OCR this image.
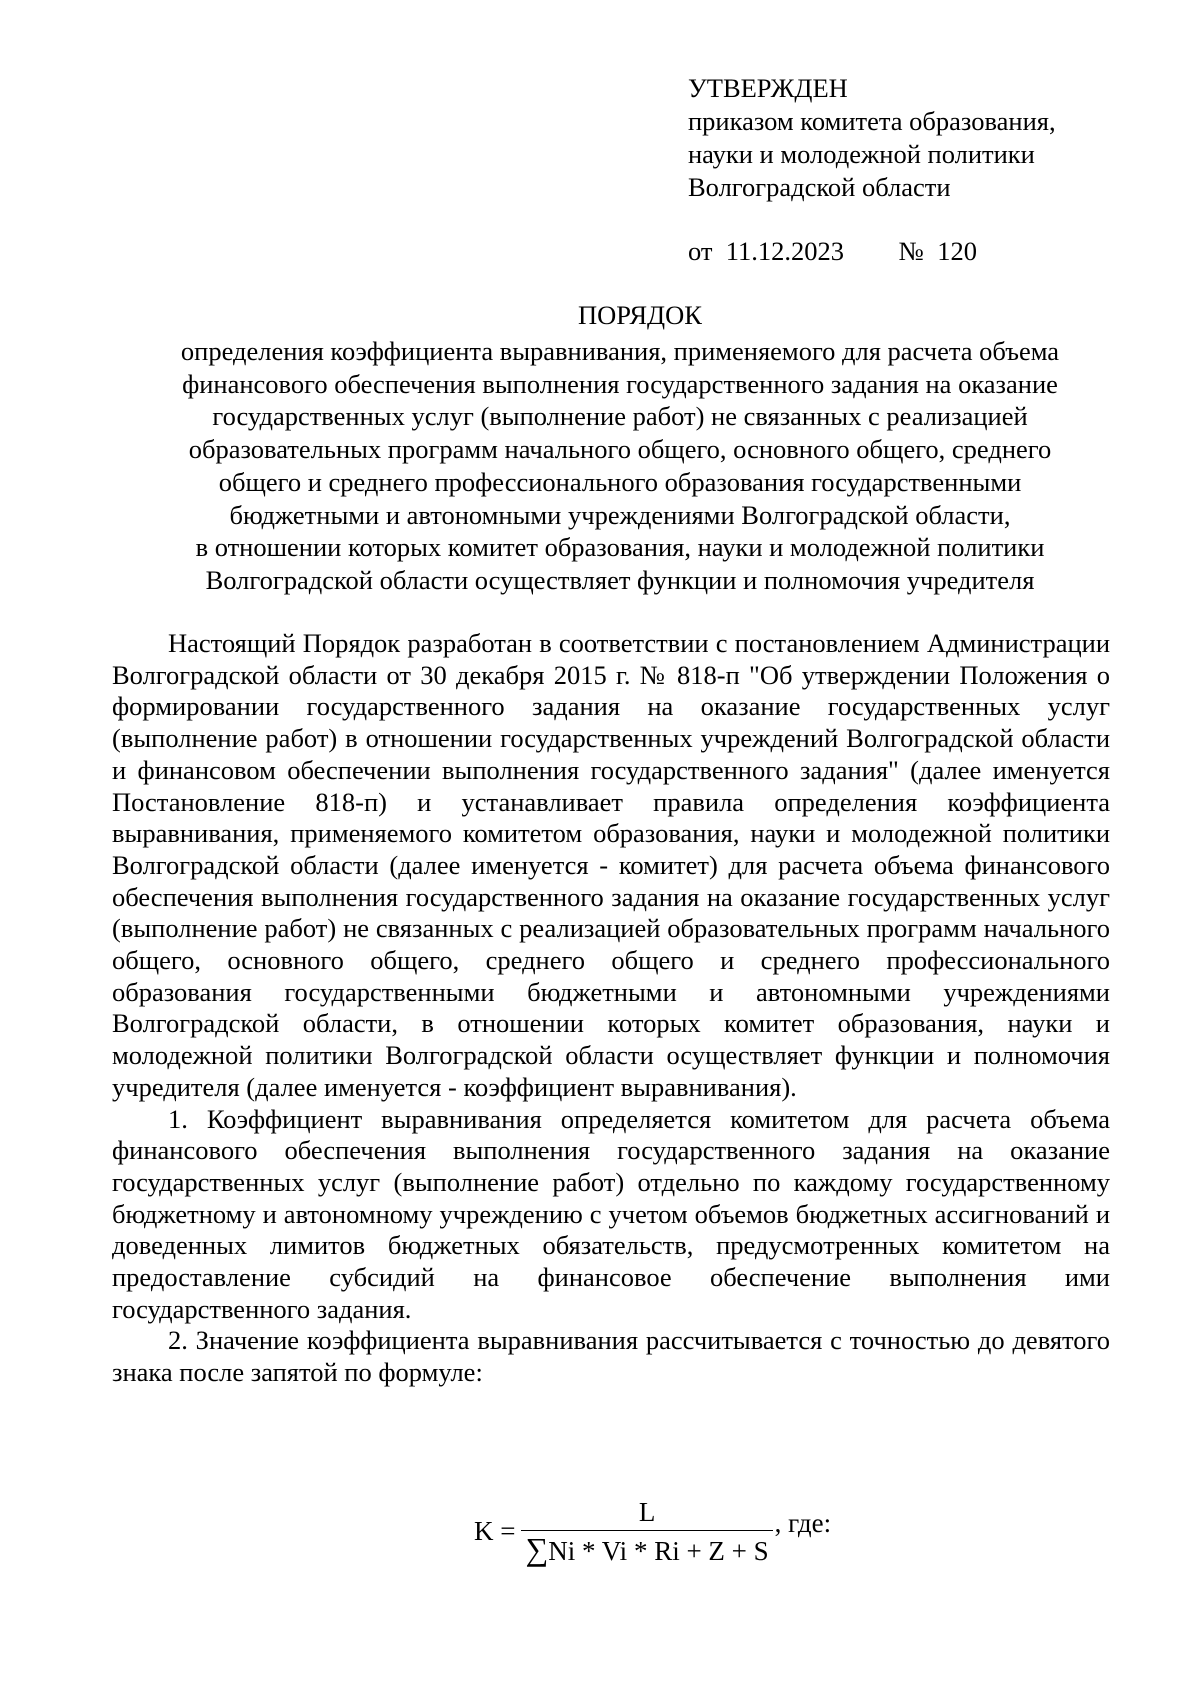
УТВЕРЖДЕН
приказом комитета образования,
науки и молодежной политики
Волгоградской области
от 11.12.2023 № 120
ПОРЯДОК
определения коэффициента выравнивания, применяемого для расчета объема
финансового обеспечения выполнения государственного задания на оказание
государственных услуг (выполнение работ) не связанных с реализацией
образовательных программ начального общего, основного общего, среднего
общего и среднего профессионального образования государственными
бюджетными и автономными учреждениями Волгоградской области,
в отношении которых комитет образования, науки и молодежной политики
Волгоградской области осуществляет функции и полномочия учредителя

Настоящий Порядок разработан в соответствии с постановлением Администрации Волгоградской области от 30 декабря 2015 г. № 818-п "Об утверждении Положения о формировании государственного задания на оказание государственных услуг (выполнение работ) в отношении государственных учреждений Волгоградской области и финансовом обеспечении выполнения государственного задания" (далее именуется Постановление 818-п) и устанавливает правила определения коэффициента выравнивания, применяемого комитетом образования, науки и молодежной политики Волгоградской области (далее именуется - комитет) для расчета объема финансового обеспечения выполнения государственного задания на оказание государственных услуг (выполнение работ) не связанных с реализацией образовательных программ начального общего, основного общего, среднего общего и среднего профессионального образования государственными бюджетными и автономными учреждениями Волгоградской области, в отношении которых комитет образования, науки и молодежной политики Волгоградской области осуществляет функции и полномочия учредителя (далее именуется - коэффициент выравнивания).

1. Коэффициент выравнивания определяется комитетом для расчета объема финансового обеспечения выполнения государственного задания на оказание государственных услуг (выполнение работ) отдельно по каждому государственному бюджетному и автономному учреждению с учетом объемов бюджетных ассигнований и доведенных лимитов бюджетных обязательств, предусмотренных комитетом на предоставление субсидий на финансовое обеспечение выполнения ими государственного задания.

2. Значение коэффициента выравнивания рассчитывается с точностью до девятого знака после запятой по формуле:

$K = \frac{L}{\sum Ni * Vi * Ri + Z + S}$ , где:
